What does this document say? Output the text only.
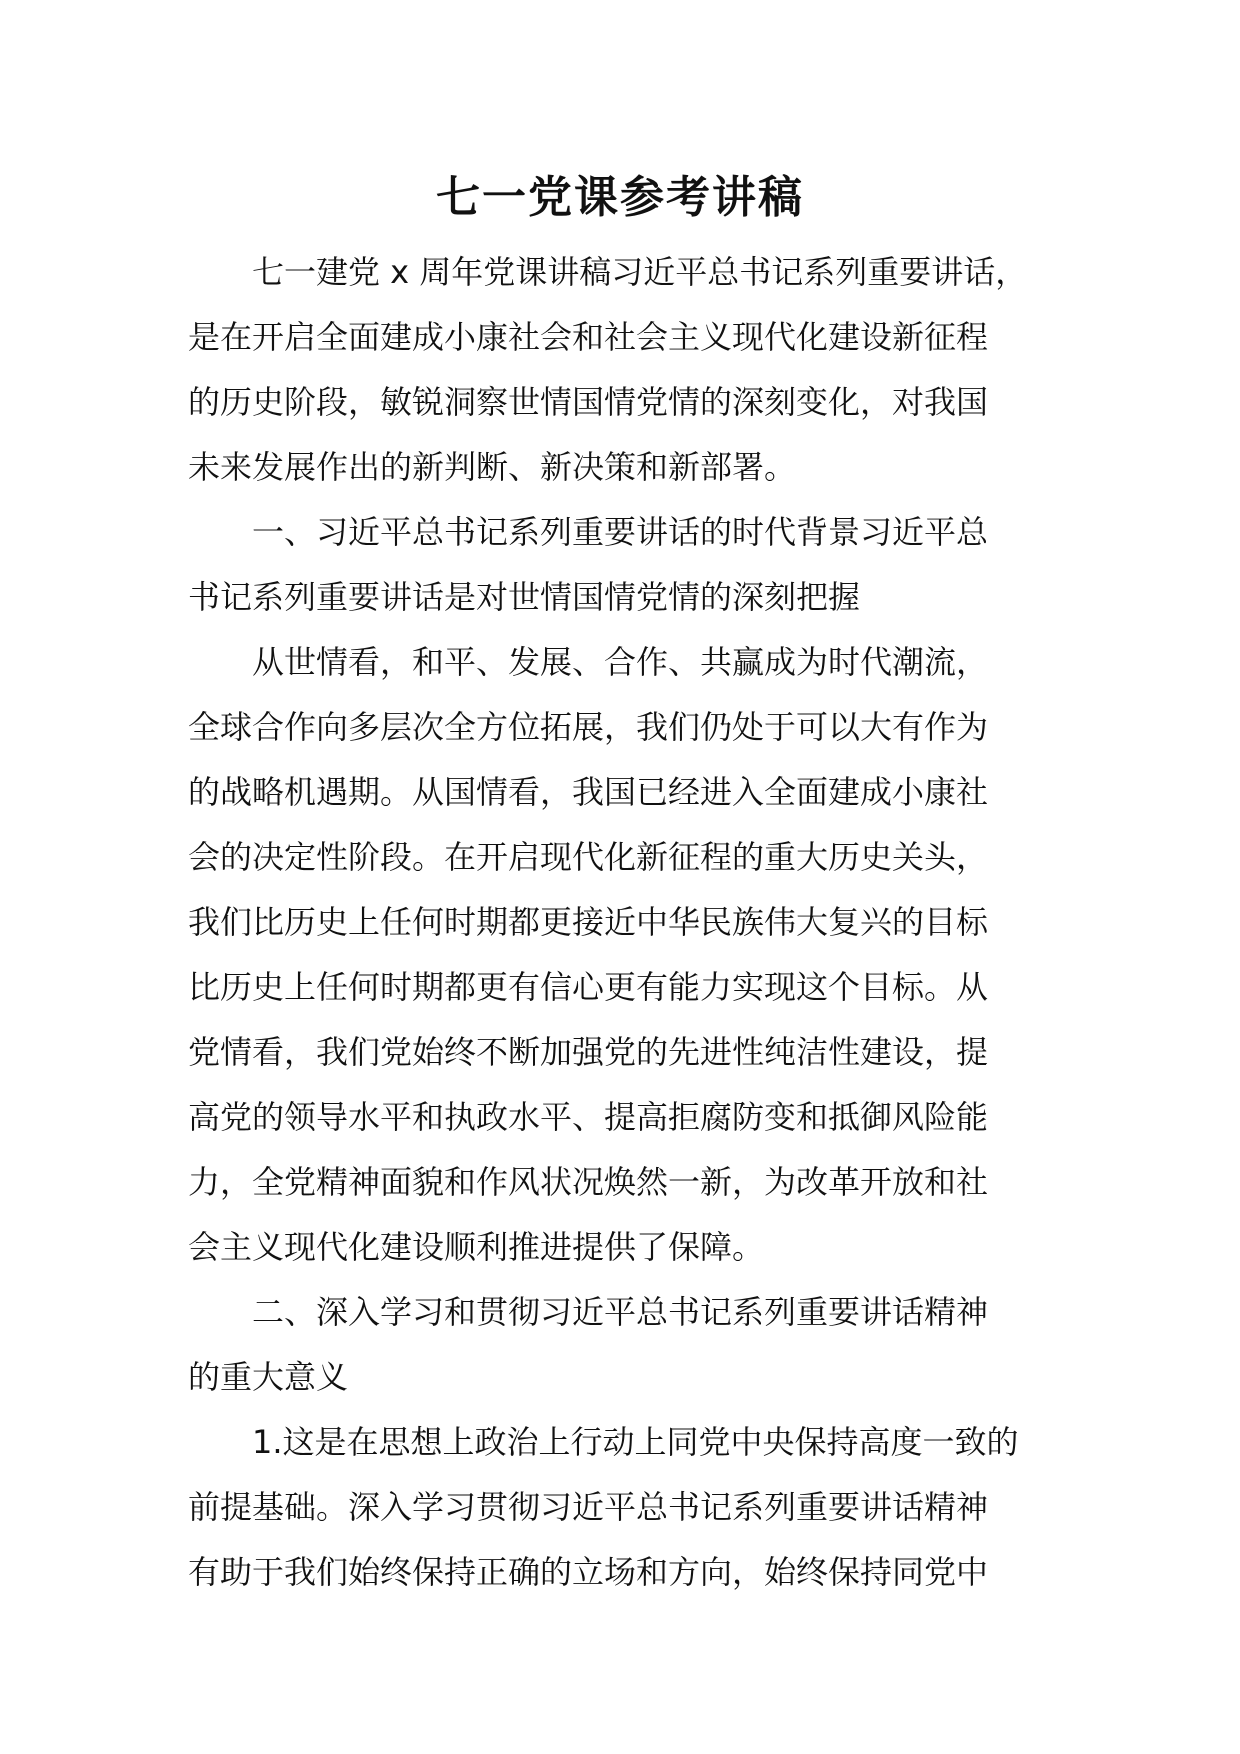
七一党课参考讲稿
七一建党 x 周年党课讲稿习近平总书记系列重要讲话，
是在开启全面建成小康社会和社会主义现代化建设新征程
的历史阶段，敏锐洞察世情国情党情的深刻变化，对我国
未来发展作出的新判断、新决策和新部署。
一、习近平总书记系列重要讲话的时代背景习近平总
书记系列重要讲话是对世情国情党情的深刻把握
从世情看，和平、发展、合作、共赢成为时代潮流，
全球合作向多层次全方位拓展，我们仍处于可以大有作为
的战略机遇期。从国情看，我国已经进入全面建成小康社
会的决定性阶段。在开启现代化新征程的重大历史关头，
我们比历史上任何时期都更接近中华民族伟大复兴的目标
比历史上任何时期都更有信心更有能力实现这个目标。从
党情看，我们党始终不断加强党的先进性纯洁性建设，提
高党的领导水平和执政水平、提高拒腐防变和抵御风险能
力，全党精神面貌和作风状况焕然一新，为改革开放和社
会主义现代化建设顺利推进提供了保障。
二、深入学习和贯彻习近平总书记系列重要讲话精神
的重大意义
1.这是在思想上政治上行动上同党中央保持高度一致的
前提基础。深入学习贯彻习近平总书记系列重要讲话精神
有助于我们始终保持正确的立场和方向，始终保持同党中
